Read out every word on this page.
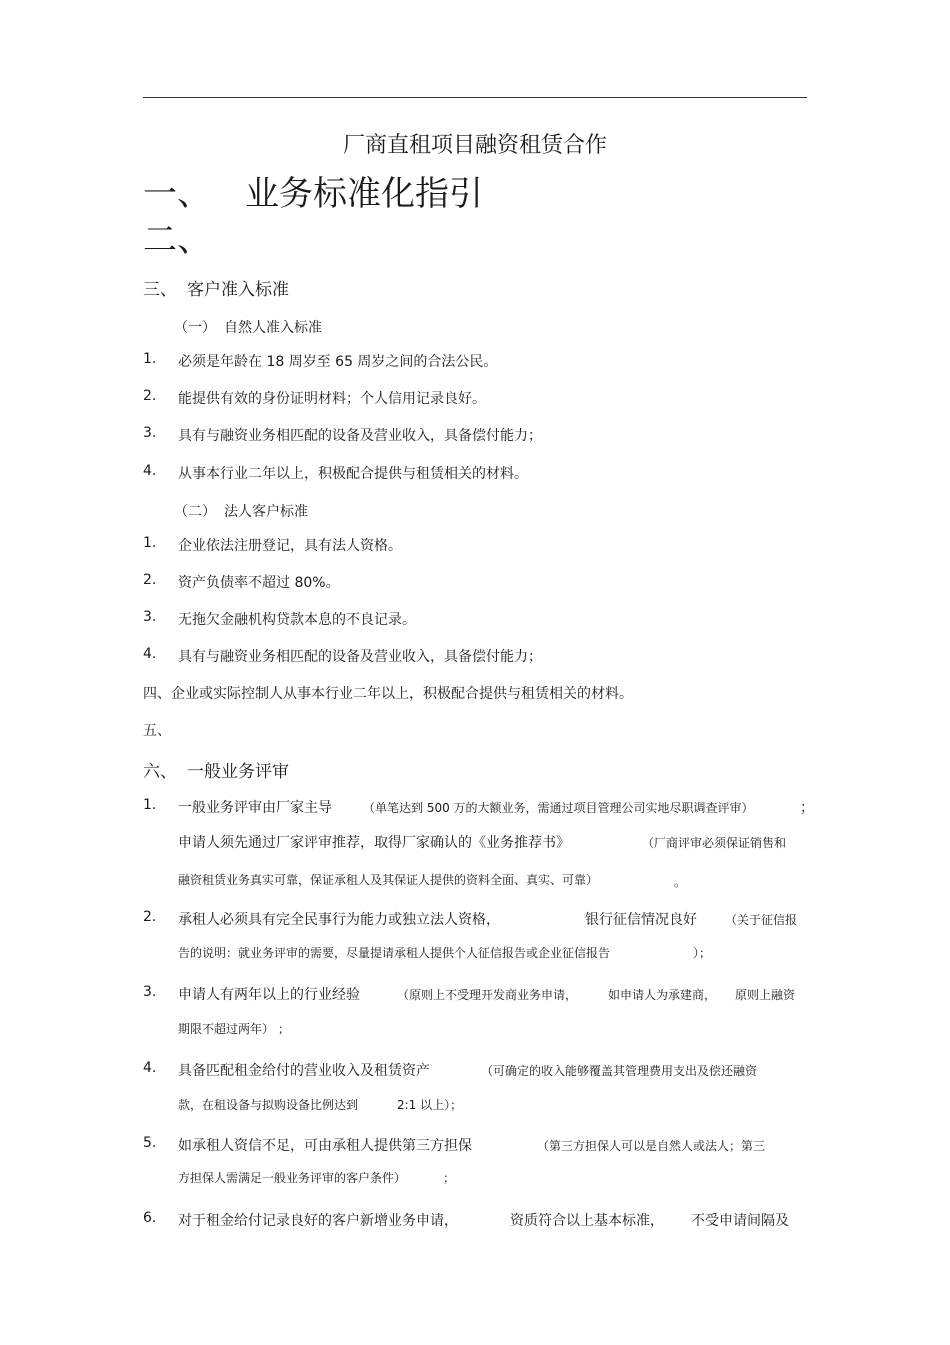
厂商直租项目融资租赁合作
一、 业务标准化指引
二、
三、 客户准入标准
（一） 自然人准入标准
1. 必须是年龄在 18 周岁至 65 周岁之间的合法公民。
2. 能提供有效的身份证明材料；个人信用记录良好。
3. 具有与融资业务相匹配的设备及营业收入，具备偿付能力；
4. 从事本行业二年以上，积极配合提供与租赁相关的材料。
（二） 法人客户标准
1. 企业依法注册登记，具有法人资格。
2. 资产负债率不超过 80%。
3. 无拖欠金融机构贷款本息的不良记录。
4. 具有与融资业务相匹配的设备及营业收入，具备偿付能力；
四、企业或实际控制人从事本行业二年以上，积极配合提供与租赁相关的材料。
五、
六、 一般业务评审
1. 一般业务评审由厂家主导	（单笔达到 500 万的大额业务，需通过项目管理公司实地尽职调查评审）	；
申请人须先通过厂家评审推荐，取得厂家确认的《业务推荐书》	（厂商评审必须保证销售和
融资租赁业务真实可靠，保证承租人及其保证人提供的资料全面、真实、可靠）	。
2. 承租人必须具有完全民事行为能力或独立法人资格，	银行征信情况良好 （关于征信报
告的说明：就业务评审的需要，尽量提请承租人提供个人征信报告或企业征信报告	）；
3. 申请人有两年以上的行业经验	（原则上不受理开发商业务申请，	如申请人为承建商， 原则上融资
期限不超过两年） ；
4. 具备匹配租金给付的营业收入及租赁资产	（可确定的收入能够覆盖其管理费用支出及偿还融资
款，在租设备与拟购设备比例达到	2:1 以上）；
5. 如承租人资信不足，可由承租人提供第三方担保	（第三方担保人可以是自然人或法人；第三
方担保人需满足一般业务评审的客户条件）	；
6. 对于租金给付记录良好的客户新增业务申请，	资质符合以上基本标准， 不受申请间隔及
